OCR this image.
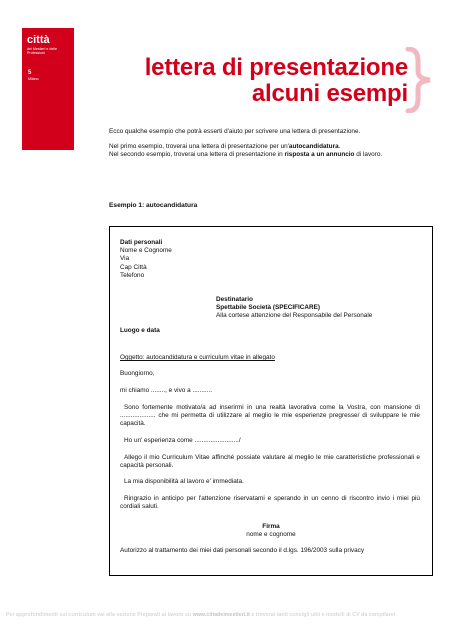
città
dei Mestieri e delle Professioni
5
Milano	lettera di presentazione
alcuni esempi

Ecco qualche esempio che potrà esserti d'aiuto per scrivere una lettera di presentazione.

Nel primo esempio, troverai una lettera di presentazione per un'autocandidatura.
Nel secondo esempio, troverai una lettera di presentazione in risposta a un annuncio di lavoro.

Esempio 1: autocandidatura
Dati personali
Nome e Cognome
Via
Cap Città
Telefono
Destinatario
Spettabile Società (SPECIFICARE)
Alla cortese attenzione del Responsabile del Personale
Luogo e data
Oggetto: autocandidatura e curriculum vitae in allegato
Buongiorno,
mi chiamo ........, e vivo a ...........
Sono fortemente motivato/a ad inserirmi in una realtà lavorativa come la Vostra, con mansione di .................... che mi permetta di utilizzare al meglio le mie esperienze pregresse/ di sviluppare le mie capacità.
Ho un' esperienza come ........................./
Allego il mio Curriculum Vitae affinché possiate valutare al meglio le mie caratteristiche professionali e capacità personali.
La mia disponibilità al lavoro e' immediata.
Ringrazio in anticipo per l'attenzione riservatami e sperando in un cenno di riscontro invio i miei più cordiali saluti.
Firma
nome e cognome
Autorizzo al trattamento dei miei dati personali secondo il d.lgs. 196/2003 sulla privacy
Per approfondimenti sul curriculum vai alla sezione Preparati al lavoro su www.cittadeimestieri.it e troverai tanti consigli utili e modelli di CV da compilare!
